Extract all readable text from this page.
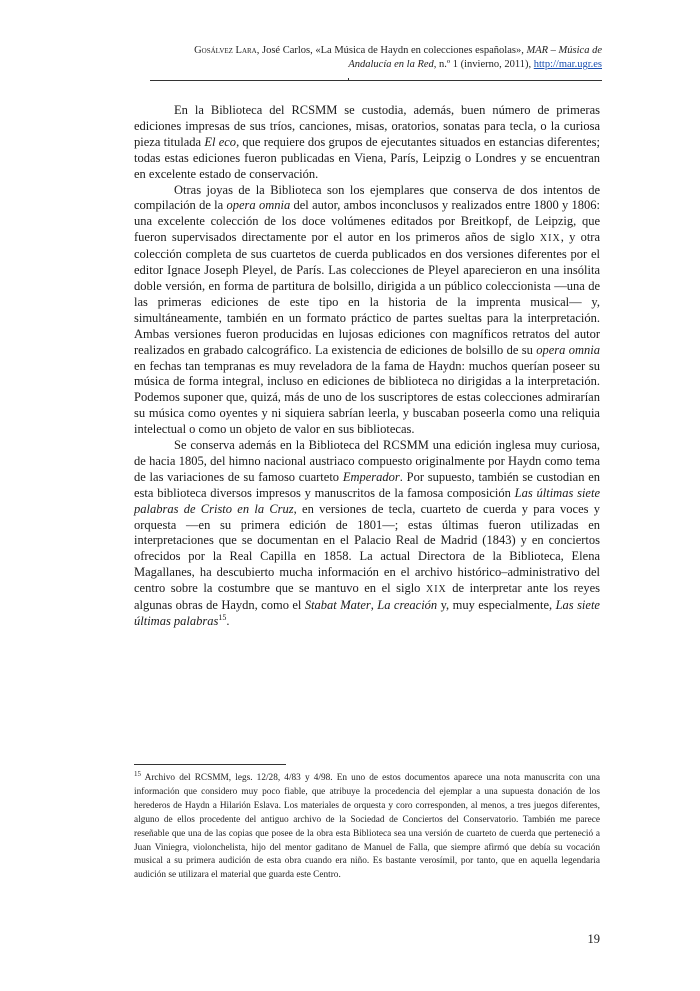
Gosálvez Lara, José Carlos, «La Música de Haydn en colecciones españolas», MAR – Música de Andalucía en la Red, n.º 1 (invierno, 2011), http://mar.ugr.es

En la Biblioteca del RCSMM se custodia, además, buen número de primeras ediciones impresas de sus tríos, canciones, misas, oratorios, sonatas para tecla, o la curiosa pieza titulada El eco, que requiere dos grupos de ejecutantes situados en estancias diferentes; todas estas ediciones fueron publicadas en Viena, París, Leipzig o Londres y se encuentran en excelente estado de conservación.

Otras joyas de la Biblioteca son los ejemplares que conserva de dos intentos de compilación de la opera omnia del autor, ambos inconclusos y realizados entre 1800 y 1806: una excelente colección de los doce volúmenes editados por Breitkopf, de Leipzig, que fueron supervisados directamente por el autor en los primeros años de siglo XIX, y otra colección completa de sus cuartetos de cuerda publicados en dos versiones diferentes por el editor Ignace Joseph Pleyel, de París. Las colecciones de Pleyel aparecieron en una insólita doble versión, en forma de partitura de bolsillo, dirigida a un público coleccionista —una de las primeras ediciones de este tipo en la historia de la imprenta musical— y, simultáneamente, también en un formato práctico de partes sueltas para la interpretación. Ambas versiones fueron producidas en lujosas ediciones con magníficos retratos del autor realizados en grabado calcográfico. La existencia de ediciones de bolsillo de su opera omnia en fechas tan tempranas es muy reveladora de la fama de Haydn: muchos querían poseer su música de forma integral, incluso en ediciones de biblioteca no dirigidas a la interpretación. Podemos suponer que, quizá, más de uno de los suscriptores de estas colecciones admirarían su música como oyentes y ni siquiera sabrían leerla, y buscaban poseerla como una reliquia intelectual o como un objeto de valor en sus bibliotecas.

Se conserva además en la Biblioteca del RCSMM una edición inglesa muy curiosa, de hacia 1805, del himno nacional austriaco compuesto originalmente por Haydn como tema de las variaciones de su famoso cuarteto Emperador. Por supuesto, también se custodian en esta biblioteca diversos impresos y manuscritos de la famosa composición Las últimas siete palabras de Cristo en la Cruz, en versiones de tecla, cuarteto de cuerda y para voces y orquesta —en su primera edición de 1801—; estas últimas fueron utilizadas en interpretaciones que se documentan en el Palacio Real de Madrid (1843) y en conciertos ofrecidos por la Real Capilla en 1858. La actual Directora de la Biblioteca, Elena Magallanes, ha descubierto mucha información en el archivo histórico–administrativo del centro sobre la costumbre que se mantuvo en el siglo XIX de interpretar ante los reyes algunas obras de Haydn, como el Stabat Mater, La creación y, muy especialmente, Las siete últimas palabras$^{15}$.

$^{15}$ Archivo del RCSMM, legs. 12/28, 4/83 y 4/98. En uno de estos documentos aparece una nota manuscrita con una información que considero muy poco fiable, que atribuye la procedencia del ejemplar a una supuesta donación de los herederos de Haydn a Hilarión Eslava. Los materiales de orquesta y coro corresponden, al menos, a tres juegos diferentes, alguno de ellos procedente del antiguo archivo de la Sociedad de Conciertos del Conservatorio. También me parece reseñable que una de las copias que posee de la obra esta Biblioteca sea una versión de cuarteto de cuerda que perteneció a Juan Viniegra, violonchelista, hijo del mentor gaditano de Manuel de Falla, que siempre afirmó que debía su vocación musical a su primera audición de esta obra cuando era niño. Es bastante verosímil, por tanto, que en aquella legendaria audición se utilizara el material que guarda este Centro.

19
